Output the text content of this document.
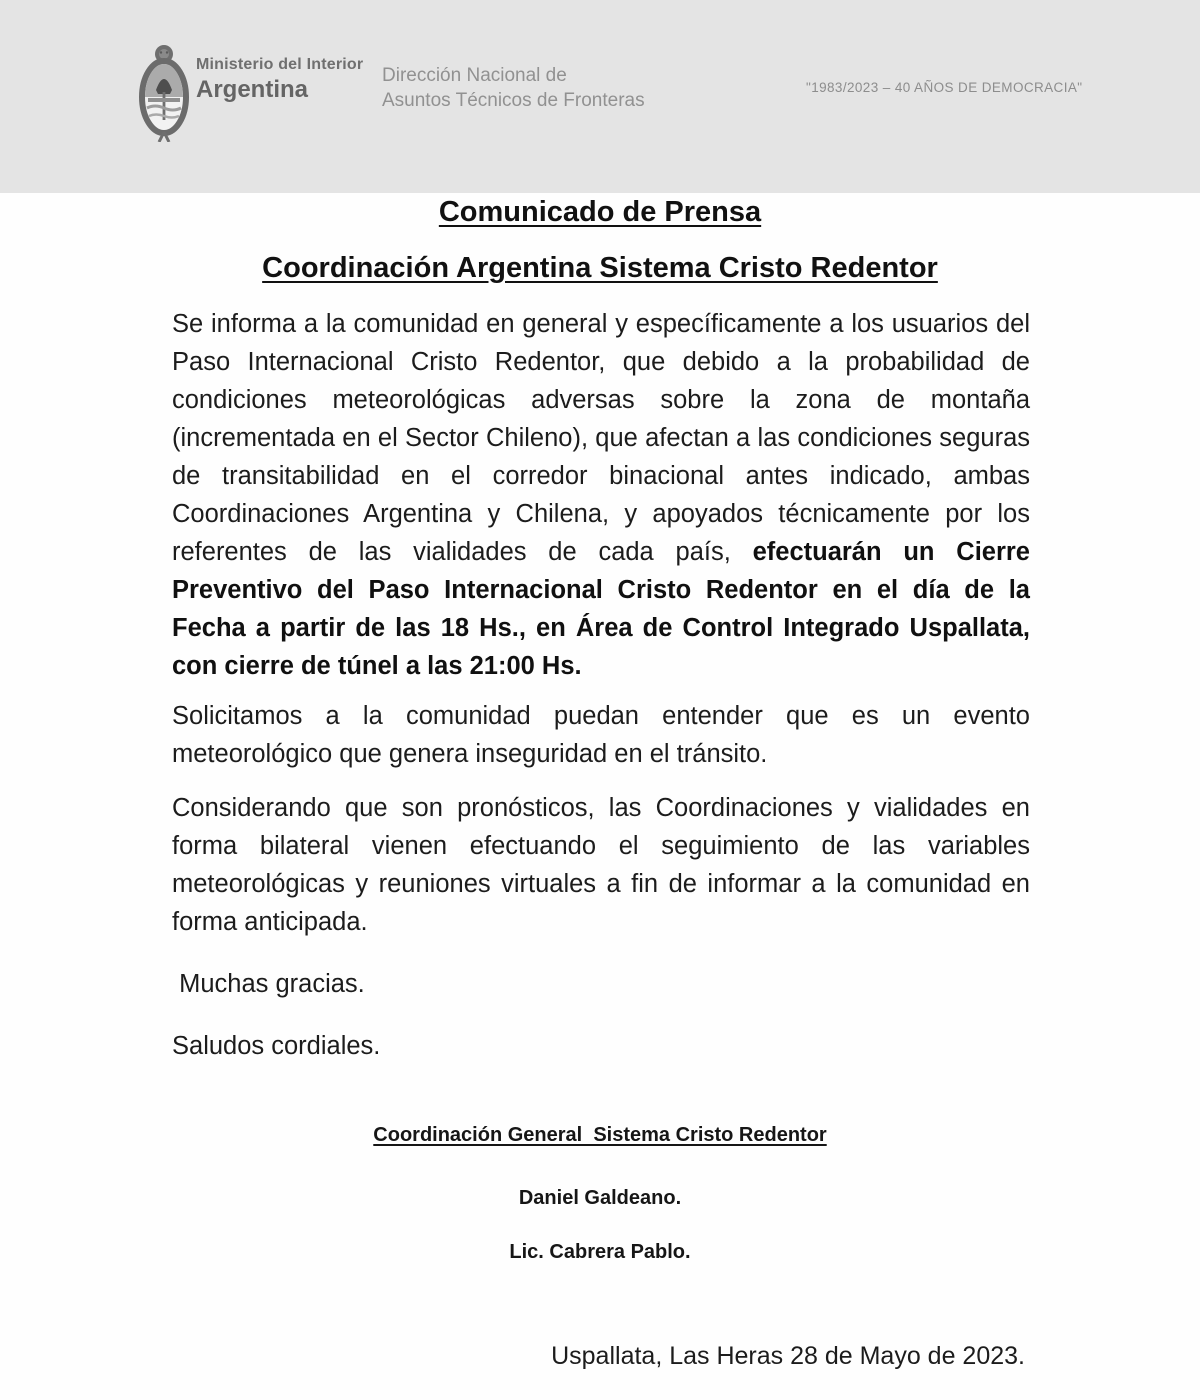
Ministerio del Interior
Argentina
Dirección Nacional de
Asuntos Técnicos de Fronteras
"1983/2023 – 40 AÑOS DE DEMOCRACIA"
Comunicado de Prensa
Coordinación Argentina Sistema Cristo Redentor

Se informa a la comunidad en general y específicamente a los usuarios del Paso Internacional Cristo Redentor, que debido a la probabilidad de condiciones meteorológicas adversas sobre la zona de montaña (incrementada en el Sector Chileno), que afectan a las condiciones seguras de transitabilidad en el corredor binacional antes indicado, ambas Coordinaciones Argentina y Chilena, y apoyados técnicamente por los referentes de las vialidades de cada país, efectuarán un Cierre Preventivo del Paso Internacional Cristo Redentor en el día de la Fecha a partir de las 18 Hs., en Área de Control Integrado Uspallata, con cierre de túnel a las 21:00 Hs.

Solicitamos a la comunidad puedan entender que es un evento meteorológico que genera inseguridad en el tránsito.

Considerando que son pronósticos, las Coordinaciones y vialidades en forma bilateral vienen efectuando el seguimiento de las variables meteorológicas y reuniones virtuales a fin de informar a la comunidad en forma anticipada.

Muchas gracias.

Saludos cordiales.

Coordinación General  Sistema Cristo Redentor
Daniel Galdeano.
Lic. Cabrera Pablo.
Uspallata, Las Heras 28 de Mayo de 2023.
